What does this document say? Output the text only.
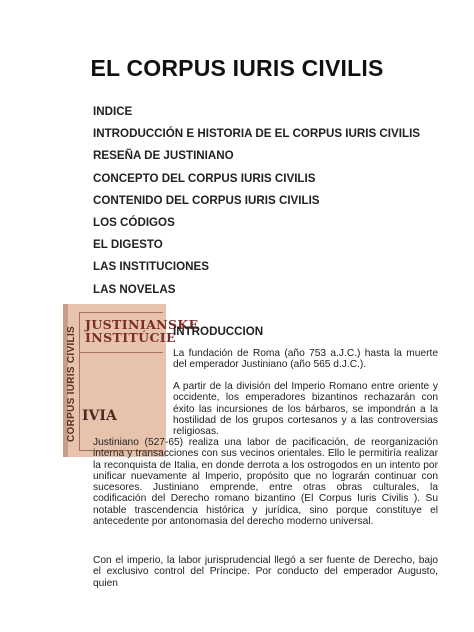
EL CORPUS IURIS CIVILIS
INDICE
INTRODUCCIÓN E HISTORIA DE EL CORPUS IURIS CIVILIS
RESEÑA DE JUSTINIANO
CONCEPTO DEL CORPUS IURIS CIVILIS
CONTENIDO DEL CORPUS IURIS CIVILIS
LOS CÓDIGOS
EL DIGESTO
LAS INSTITUCIONES
LAS NOVELAS
CORPUS IURIS CIVILIS
JUSTINIANSKE INSTITÚCIE
IVIA
INTRODUCCION
La fundación de Roma (año 753 a.J.C.) hasta la muerte del emperador Justiniano (año 565 d.J.C.).
A partir de la división del Imperio Romano entre oriente y occidente, los emperadores bizantinos rechazarán con éxito las incursiones de los bárbaros, se impondrán a la hostilidad de los grupos cortesanos y a las controversias religiosas.
Justiniano (527-65) realiza una labor de pacificación, de reorganización interna y transacciones con sus vecinos orientales. Ello le permitiría realizar la reconquista de Italia, en donde derrota a los ostrogodos en un intento por unificar nuevamente al Imperio, propósito que no lograrán continuar con sucesores. Justiniano emprende, entre otras obras culturales, la codificación del Derecho romano bizantino (El Corpus Iuris Civilis ). Su notable trascendencia histórica y jurídica, sino porque constituye el antecedente por antonomasia del derecho moderno universal.
Con el imperio, la labor jurisprudencial llegó a ser fuente de Derecho, bajo el exclusivo control del Príncipe. Por conducto del emperador Augusto, quien
